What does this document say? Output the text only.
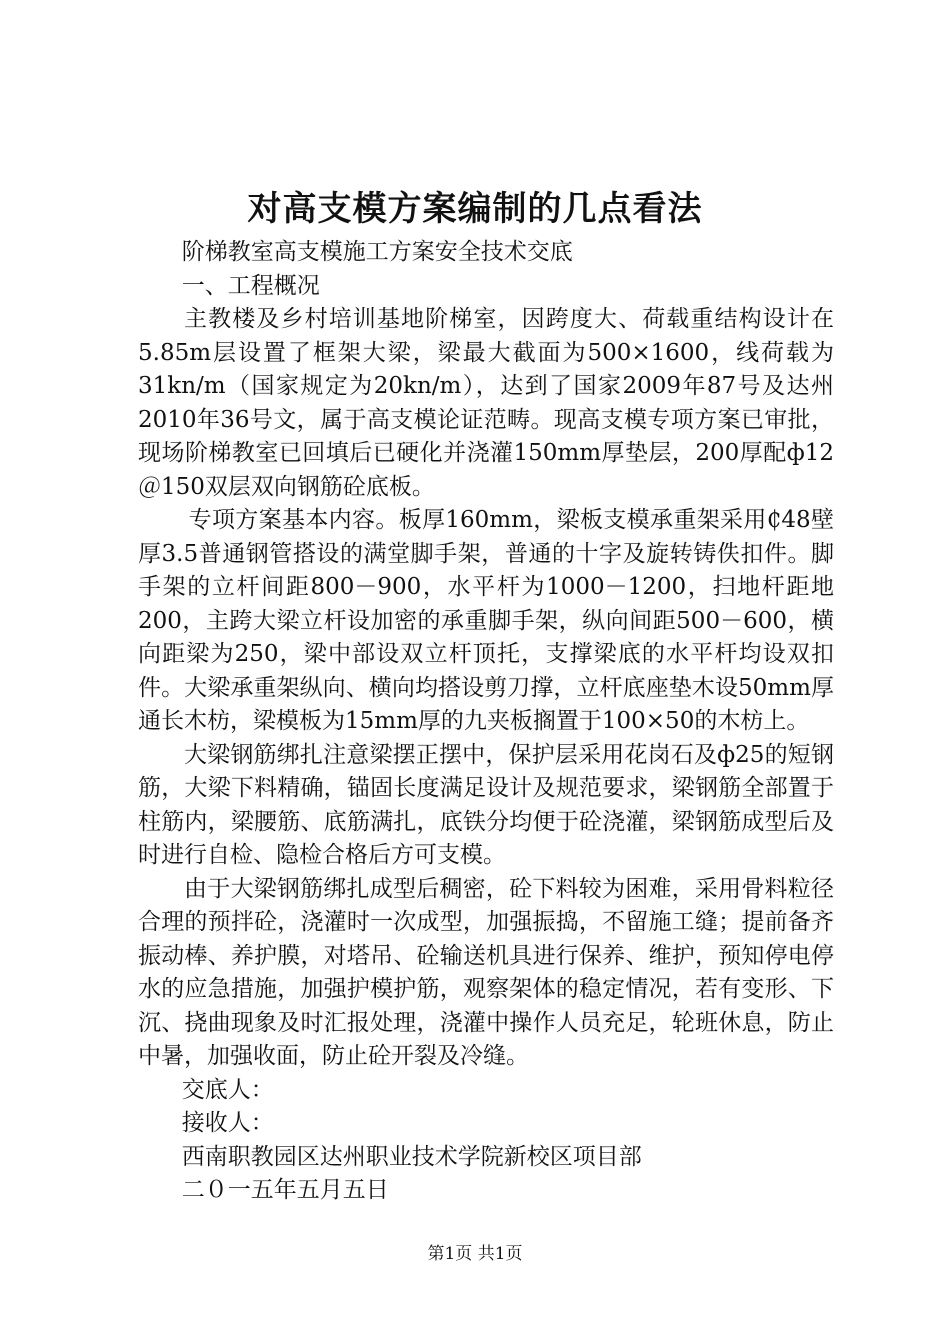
对高支模方案编制的几点看法

阶梯教室高支模施工方案安全技术交底

一、工程概况

主教楼及乡村培训基地阶梯室，因跨度大、荷载重结构设计在5.85m层设置了框架大梁，梁最大截面为500×1600，线荷载为31kn/m（国家规定为20kn/m），达到了国家2009年87号及达州2010年36号文，属于高支模论证范畴。现高支模专项方案已审批，现场阶梯教室已回填后已硬化并浇灌150mm厚垫层，200厚配ф12＠150双层双向钢筋砼底板。

专项方案基本内容。板厚160mm，梁板支模承重架采用₵48壁厚3.5普通钢管搭设的满堂脚手架，普通的十字及旋转铸佚扣件。脚手架的立杆间距800－900，水平杆为1000－1200，扫地杆距地200，主跨大梁立杆设加密的承重脚手架，纵向间距500－600，横向距梁为250，梁中部设双立杆顶托，支撑梁底的水平杆均设双扣件。大梁承重架纵向、横向均搭设剪刀撑，立杆底座垫木设50mm厚通长木枋，梁模板为15mm厚的九夹板搁置于100×50的木枋上。

大梁钢筋绑扎注意梁摆正摆中，保护层采用花岗石及ф25的短钢筋，大梁下料精确，锚固长度满足设计及规范要求，梁钢筋全部置于柱筋内，梁腰筋、底筋满扎，底铁分均便于砼浇灌，梁钢筋成型后及时进行自检、隐检合格后方可支模。

由于大梁钢筋绑扎成型后稠密，砼下料较为困难，采用骨料粒径合理的预拌砼，浇灌时一次成型，加强振捣，不留施工缝；提前备齐振动棒、养护膜，对塔吊、砼输送机具进行保养、维护，预知停电停水的应急措施，加强护模护筋，观察架体的稳定情况，若有变形、下沉、挠曲现象及时汇报处理，浇灌中操作人员充足，轮班休息，防止中暑，加强收面，防止砼开裂及冷缝。

交底人：

接收人：

西南职教园区达州职业技术学院新校区项目部

二０一五年五月五日

第1页 共1页
